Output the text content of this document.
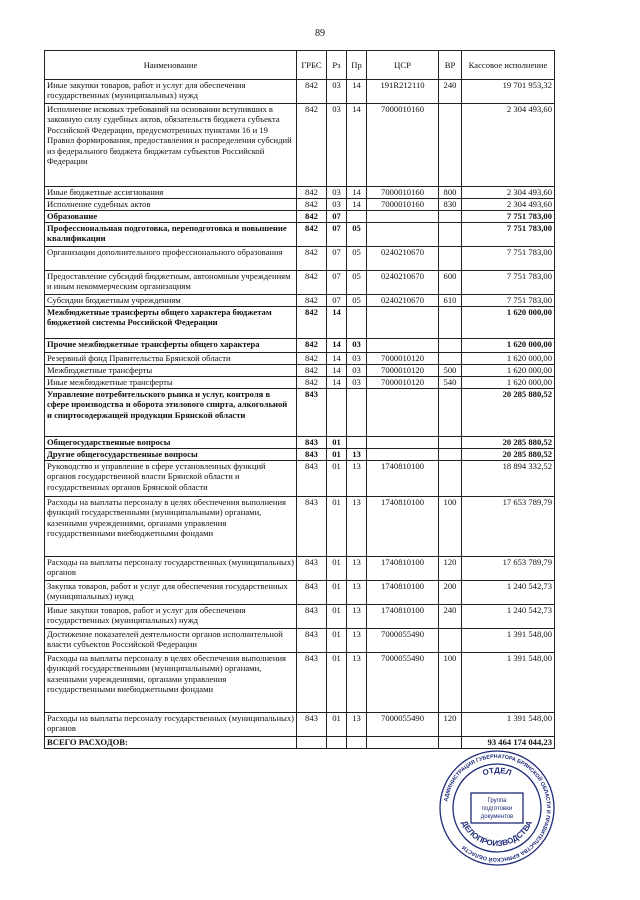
89
Наименование	ГРБС	Рз	Пр	ЦСР	ВР	Кассовое исполнение
Иные закупки товаров, работ и услуг для обеспечения государственных (муниципальных) нужд	842	03	14	191R212110	240	19 701 953,32
Исполнение исковых требований на основании вступивших в законную силу судебных актов, обязательств бюджета субъекта Российской Федерации, предусмотренных пунктами 16 и 19 Правил формирования, предоставления и распределения субсидий из федерального бюджета бюджетам субъектов Российской Федерации	842	03	14	7000010160		2 304 493,60
Иные бюджетные ассигнования	842	03	14	7000010160	800	2 304 493,60
Исполнение судебных актов	842	03	14	7000010160	830	2 304 493,60
Образование	842	07				7 751 783,00
Профессиональная подготовка, переподготовка и повышение квалификации	842	07	05			7 751 783,00
Организации дополнительного профессионального образования	842	07	05	0240210670		7 751 783,00
Предоставление субсидий бюджетным, автономным учреждениям и иным некоммерческим организациям	842	07	05	0240210670	600	7 751 783,00
Субсидии бюджетным учреждениям	842	07	05	0240210670	610	7 751 783,00
Межбюджетные трансферты общего характера бюджетам бюджетной системы Российской Федерации	842	14				1 620 000,00
Прочие межбюджетные трансферты общего характера	842	14	03			1 620 000,00
Резервный фонд Правительства Брянской области	842	14	03	7000010120		1 620 000,00
Межбюджетные трансферты	842	14	03	7000010120	500	1 620 000,00
Иные межбюджетные трансферты	842	14	03	7000010120	540	1 620 000,00
Управление потребительского рынка и услуг, контроля в сфере производства и оборота этилового спирта, алкогольной и спиртосодержащей продукции Брянской области	843					20 285 880,52
Общегосударственные вопросы	843	01				20 285 880,52
Другие общегосударственные вопросы	843	01	13			20 285 880,52
Руководство и управление в сфере установленных функций органов государственной власти Брянской области и государственных органов Брянской области	843	01	13	1740810100		18 894 332,52
Расходы на выплаты персоналу в целях обеспечения выполнения функций государственными (муниципальными) органами, казенными учреждениями, органами управления государственными внебюджетными фондами	843	01	13	1740810100	100	17 653 789,79
Расходы на выплаты персоналу государственных (муниципальных) органов	843	01	13	1740810100	120	17 653 789,79
Закупка товаров, работ и услуг для обеспечения государственных (муниципальных) нужд	843	01	13	1740810100	200	1 240 542,73
Иные закупки товаров, работ и услуг для обеспечения государственных (муниципальных) нужд	843	01	13	1740810100	240	1 240 542,73
Достижение показателей деятельности органов исполнительной власти субъектов Российской Федерации	843	01	13	7000055490		1 391 548,00
Расходы на выплаты персоналу в целях обеспечения выполнения функций государственными (муниципальными) органами, казенными учреждениями, органами управления государственными внебюджетными фондами	843	01	13	7000055490	100	1 391 548,00
Расходы на выплаты персоналу государственных (муниципальных) органов	843	01	13	7000055490	120	1 391 548,00
ВСЕГО РАСХОДОВ:						93 464 174 044,23
АДМИНИСТРАЦИЯ ГУБЕРНАТОРА БРЯНСКОЙ ОБЛАСТИ И ПРАВИТЕЛЬСТВА БРЯНСКОЙ ОБЛАСТИ
ОТДЕЛ
ДЕЛОПРОИЗВОДСТВА
Группа
подготовки
документов
